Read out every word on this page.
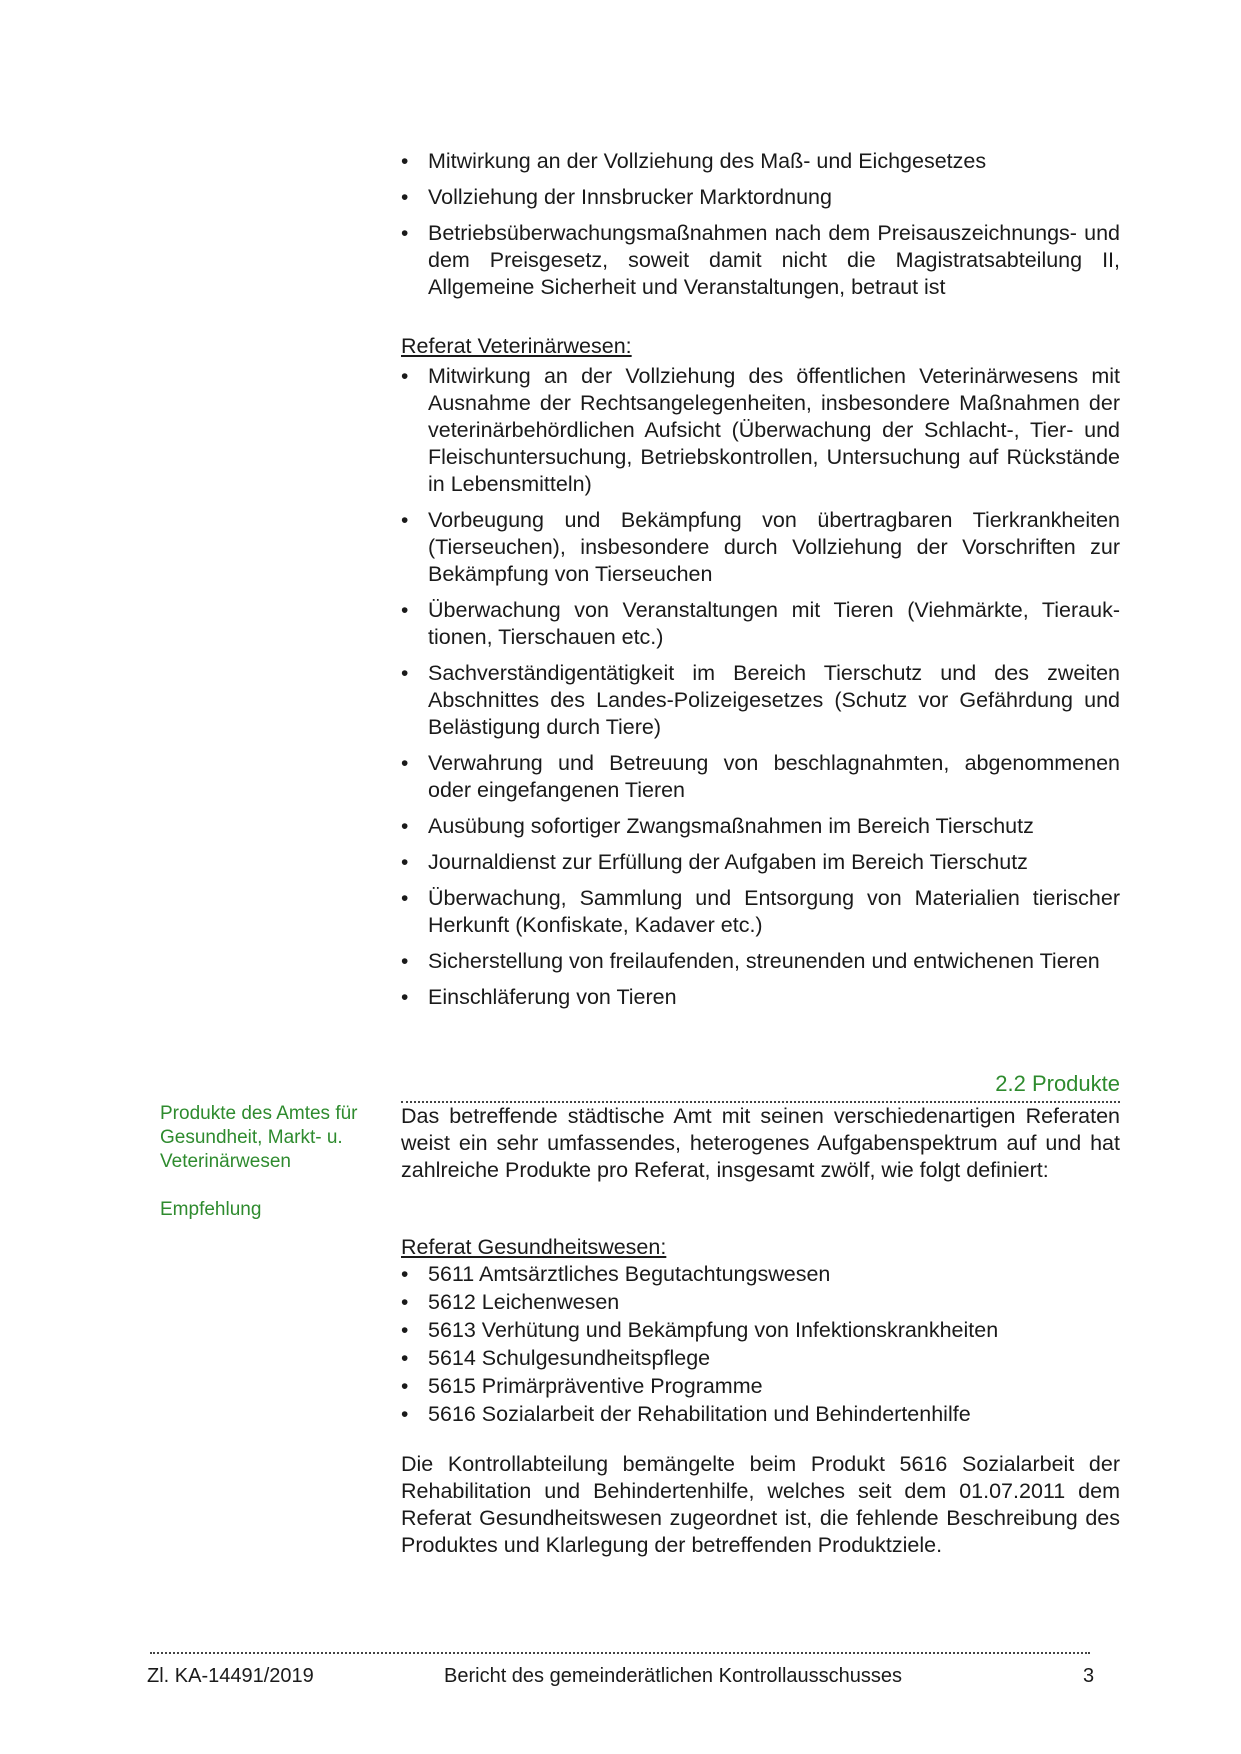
• Mitwirkung an der Vollziehung des Maß- und Eichgesetzes
• Vollziehung der Innsbrucker Marktordnung
• Betriebsüberwachungsmaßnahmen nach dem Preisauszeichnungs- und dem Preisgesetz, soweit damit nicht die Magistratsabteilung II, Allgemeine Sicherheit und Veranstaltungen, betraut ist
Referat Veterinärwesen:
• Mitwirkung an der Vollziehung des öffentlichen Veterinärwesens mit Ausnahme der Rechtsangelegenheiten, insbesondere Maßnahmen der veterinärbehördlichen Aufsicht (Überwachung der Schlacht-, Tier- und Fleischuntersuchung, Betriebskontrollen, Untersuchung auf Rückstände in Lebensmitteln)
• Vorbeugung und Bekämpfung von übertragbaren Tierkrankheiten (Tierseuchen), insbesondere durch Vollziehung der Vorschriften zur Bekämpfung von Tierseuchen
• Überwachung von Veranstaltungen mit Tieren (Viehmärkte, Tierauktionen, Tierschauen etc.)
• Sachverständigentätigkeit im Bereich Tierschutz und des zweiten Abschnittes des Landes-Polizeigesetzes (Schutz vor Gefährdung und Belästigung durch Tiere)
• Verwahrung und Betreuung von beschlagnahmten, abgenommenen oder eingefangenen Tieren
• Ausübung sofortiger Zwangsmaßnahmen im Bereich Tierschutz
• Journaldienst zur Erfüllung der Aufgaben im Bereich Tierschutz
• Überwachung, Sammlung und Entsorgung von Materialien tierischer Herkunft (Konfiskate, Kadaver etc.)
• Sicherstellung von freilaufenden, streunenden und entwichenen Tieren
• Einschläferung von Tieren
2.2 Produkte
Produkte des Amtes für Gesundheit, Markt- u. Veterinärwesen
Empfehlung

Das betreffende städtische Amt mit seinen verschiedenartigen Referaten weist ein sehr umfassendes, heterogenes Aufgabenspektrum auf und hat zahlreiche Produkte pro Referat, insgesamt zwölf, wie folgt definiert:

Referat Gesundheitswesen:
• 5611 Amtsärztliches Begutachtungswesen
• 5612 Leichenwesen
• 5613 Verhütung und Bekämpfung von Infektionskrankheiten
• 5614 Schulgesundheitspflege
• 5615 Primärpräventive Programme
• 5616 Sozialarbeit der Rehabilitation und Behindertenhilfe

Die Kontrollabteilung bemängelte beim Produkt 5616 Sozialarbeit der Rehabilitation und Behindertenhilfe, welches seit dem 01.07.2011 dem Referat Gesundheitswesen zugeordnet ist, die fehlende Beschreibung des Produktes und Klarlegung der betreffenden Produktziele.

Zl. KA-14491/2019	Bericht des gemeinderätlichen Kontrollausschusses	3
